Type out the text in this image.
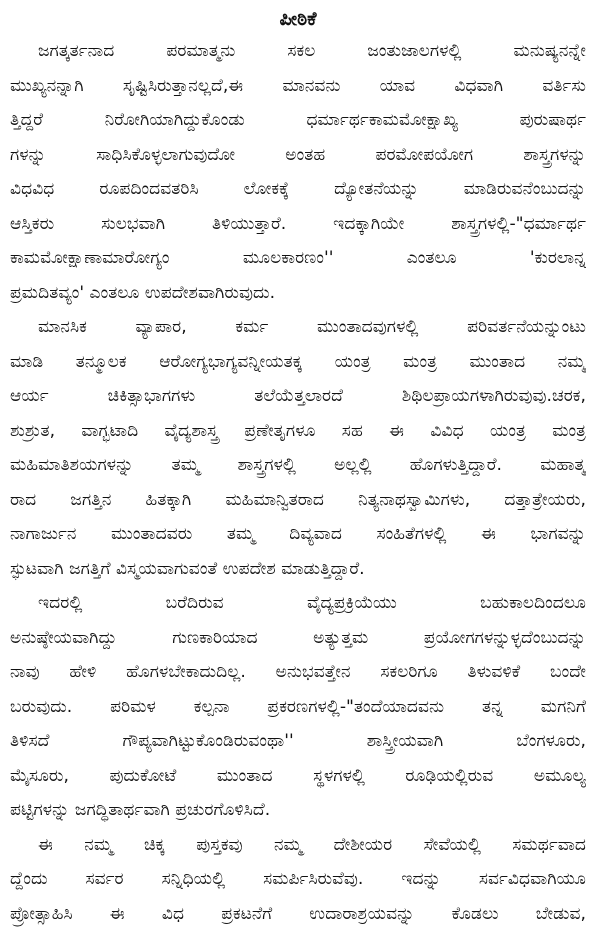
ಪೀಠಿಕೆ

ಜಗತ್ಕರ್ತನಾದ ಪರಮಾತ್ಮನು ಸಕಲ ಜಂತುಜಾಲಗಳಲ್ಲಿ ಮನುಷ್ಯನನ್ನೇ
ಮುಖ್ಯನನ್ನಾಗಿ ಸೃಷ್ಟಿಸಿರುತ್ತಾನಲ್ಲದೆ,ಈ ಮಾನವನು ಯಾವ ವಿಧವಾಗಿ ವರ್ತಿಸು
ತ್ತಿದ್ದರೆ ನಿರೋಗಿಯಾಗಿದ್ದುಕೊಂಡು ಧರ್ಮಾರ್ಥಕಾಮಮೋಕ್ಷಾಖ್ಯ ಪುರುಷಾರ್ಥ
ಗಳನ್ನು ಸಾಧಿಸಿಕೊಳ್ಳಲಾಗುವುದೋ ಅಂತಹ ಪರಮೋಪಯೋಗ ಶಾಸ್ತ್ರಗಳನ್ನು
ವಿಧವಿಧ ರೂಪದಿಂದವತರಿಸಿ ಲೋಕಕ್ಕೆ ದ್ಯೋತನೆಯನ್ನು ಮಾಡಿರುವನೆಂಬುದನ್ನು
ಆಸ್ತಿಕರು ಸುಲಭವಾಗಿ ತಿಳಿಯುತ್ತಾರೆ. ಇದಕ್ಕಾಗಿಯೇ ಶಾಸ್ತ್ರಗಳಲ್ಲಿ-"ಧರ್ಮಾರ್ಥ
ಕಾಮಮೋಕ್ಷಾಣಾಮಾರೋಗ್ಯಂ ಮೂಲಕಾರಣಂ'' ಎಂತಲೂ 'ಕುರಲಾನ್ನ
ಪ್ರಮದಿತವ್ಯಂ' ಎಂತಲೂ ಉಪದೇಶವಾಗಿರುವುದು.

ಮಾನಸಿಕ ವ್ಯಾಪಾರ, ಕರ್ಮ ಮುಂತಾದವುಗಳಲ್ಲಿ ಪರಿವರ್ತನೆಯನ್ನುಂಟು
ಮಾಡಿ ತನ್ಮೂಲಕ ಆರೋಗ್ಯಭಾಗ್ಯವನ್ನೀಯತಕ್ಕ ಯಂತ್ರ ಮಂತ್ರ ಮುಂತಾದ ನಮ್ಮ
ಆರ್ಯ ಚಿಕಿತ್ಸಾಭಾಗಗಳು ತಲೆಯೆತ್ತಲಾರದೆ ಶಿಥಿಲಪ್ರಾಯಗಳಾಗಿರುವುವು.ಚರಕ,
ಶುಶ್ರುತ, ವಾಗ್ಭಟಾದಿ ವೈದ್ಯಶಾಸ್ತ್ರ ಪ್ರಣೇತೃಗಳೂ ಸಹ ಈ ವಿವಿಧ ಯಂತ್ರ ಮಂತ್ರ
ಮಹಿಮಾತಿಶಯಗಳನ್ನು ತಮ್ಮ ಶಾಸ್ತ್ರಗಳಲ್ಲಿ ಅಲ್ಲಲ್ಲಿ ಹೊಗಳುತ್ತಿದ್ದಾರೆ. ಮಹಾತ್ಮ
ರಾದ ಜಗತ್ತಿನ ಹಿತಕ್ಕಾಗಿ ಮಹಿಮಾನ್ವಿತರಾದ ನಿತ್ಯನಾಥಸ್ವಾಮಿಗಳು, ದತ್ತಾತ್ರೇಯರು,
ನಾಗಾರ್ಜುನ ಮುಂತಾದವರು ತಮ್ಮ ದಿವ್ಯವಾದ ಸಂಹಿತೆಗಳಲ್ಲಿ ಈ ಭಾಗವನ್ನು
ಸ್ಫುಟವಾಗಿ ಜಗತ್ತಿಗೆ ವಿಸ್ಮಯವಾಗುವಂತೆ ಉಪದೇಶ ಮಾಡುತ್ತಿದ್ದಾರೆ.

ಇದರಲ್ಲಿ ಬರೆದಿರುವ ವೈದ್ಯಪ್ರಕ್ರಿಯೆಯು ಬಹುಕಾಲದಿಂದಲೂ
ಅನುಷ್ಠೇಯವಾಗಿದ್ದು ಗುಣಕಾರಿಯಾದ ಅತ್ಯುತ್ತಮ ಪ್ರಯೋಗಗಳನ್ನುಳ್ಳದೆಂಬುದನ್ನು
ನಾವು ಹೇಳಿ ಹೊಗಳಬೇಕಾದುದಿಲ್ಲ. ಅನುಭವತ್ತೇನ ಸಕಲರಿಗೂ ತಿಳುವಳಿಕೆ ಬಂದೇ
ಬರುವುದು. ಪರಿಮಳ ಕಲ್ಪನಾ ಪ್ರಕರಣಗಳಲ್ಲಿ-"ತಂದೆಯಾದವನು ತನ್ನ ಮಗನಿಗೆ
ತಿಳಿಸದೆ ಗೌಪ್ಯವಾಗಿಟ್ಟುಕೊಂಡಿರುವಂಥಾ'' ಶಾಸ್ತ್ರೀಯವಾಗಿ ಬೆಂಗಳೂರು,
ಮೈಸೂರು, ಪುದುಕೋಟೆ ಮುಂತಾದ ಸ್ಥಳಗಳಲ್ಲಿ ರೂಢಿಯಲ್ಲಿರುವ ಅಮೂಲ್ಯ
ಪಟ್ಟಿಗಳನ್ನು ಜಗದ್ಧಿತಾರ್ಥವಾಗಿ ಪ್ರಚುರಗೊಳಿಸಿದೆ.

ಈ ನಮ್ಮ ಚಿಕ್ಕ ಪುಸ್ತಕವು ನಮ್ಮ ದೇಶೀಯರ ಸೇವೆಯಲ್ಲಿ ಸಮರ್ಥವಾದ
ದ್ದೆಂದು ಸರ್ವರ ಸನ್ನಿಧಿಯಲ್ಲಿ ಸಮರ್ಪಿಸಿರುವೆವು. ಇದನ್ನು ಸರ್ವವಿಧವಾಗಿಯೂ
ಪ್ರೋತ್ಸಾಹಿಸಿ ಈ ವಿಧ ಪ್ರಕಟನೆಗೆ ಉದಾರಾಶ್ರಯವನ್ನು ಕೊಡಲು ಬೇಡುವ,
